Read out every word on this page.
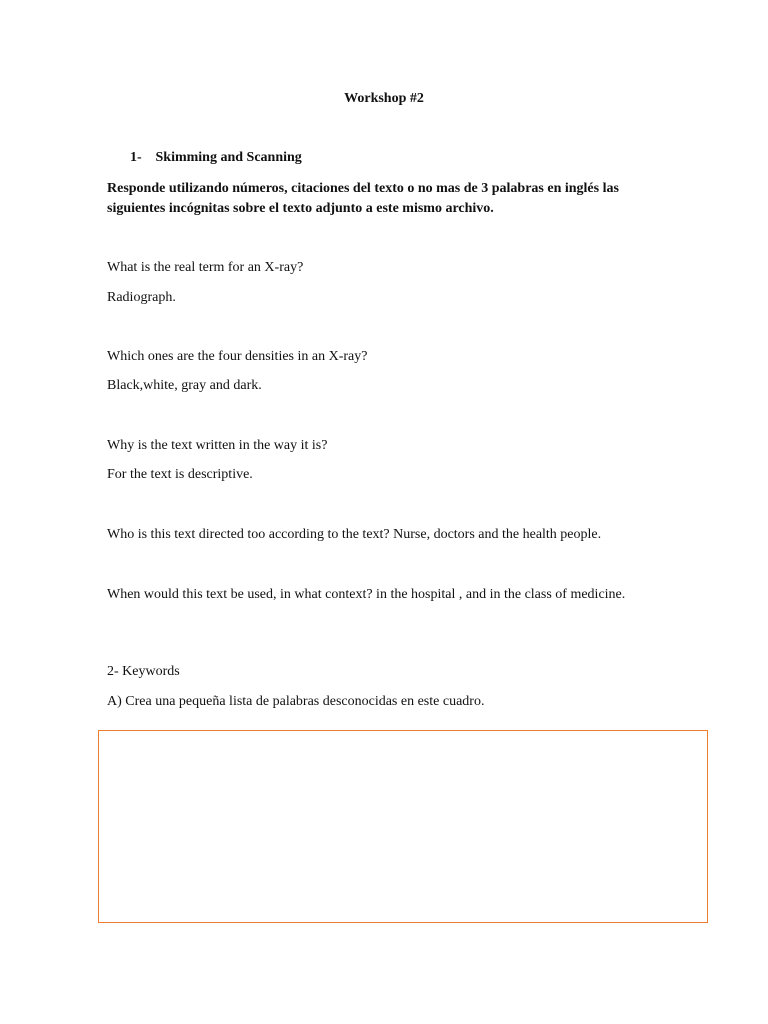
Workshop #2
1- Skimming and Scanning
Responde utilizando números, citaciones del texto o no mas de 3 palabras en inglés las siguientes incógnitas sobre el texto adjunto a este mismo archivo.
What is the real term for an X-ray?
Radiograph.
Which ones are the four densities in an X-ray?
Black,white, gray and dark.
Why is the text written in the way it is?
For the text is descriptive.
Who is this text directed too according to the text? Nurse, doctors and the health people.
When would this text be used, in what context? in the hospital , and in the class of medicine.
2- Keywords
A) Crea una pequeña lista de palabras desconocidas en este cuadro.
